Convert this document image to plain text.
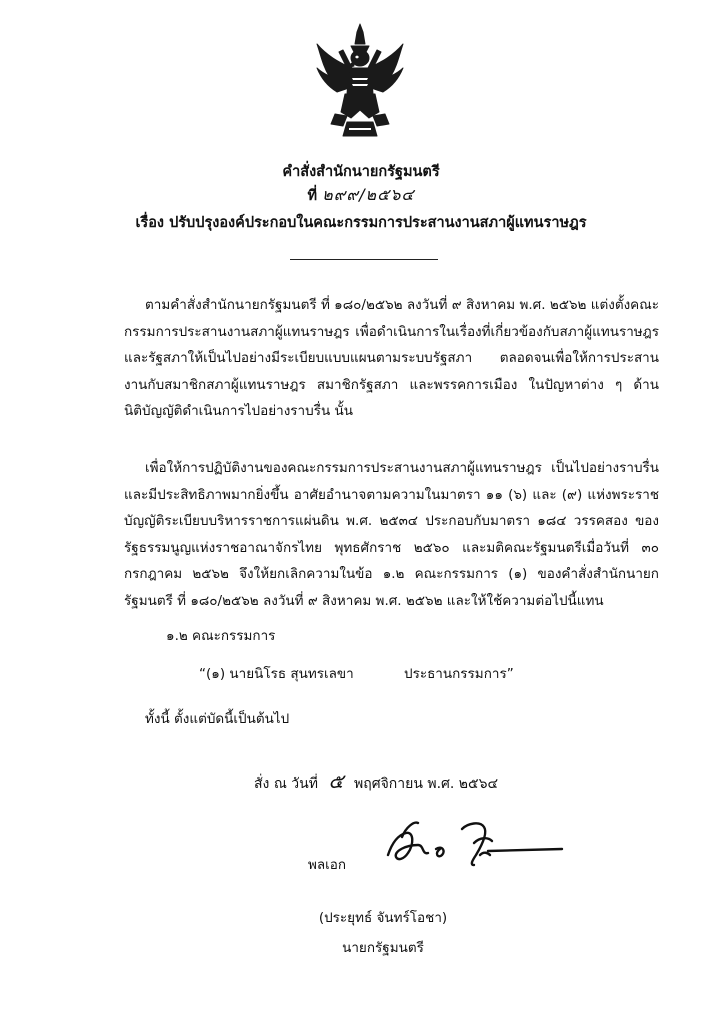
คำสั่งสำนักนายกรัฐมนตรี
ที่ ๒๙๙/๒๕๖๔
เรื่อง ปรับปรุงองค์ประกอบในคณะกรรมการประสานงานสภาผู้แทนราษฎร

ตามคำสั่งสำนักนายกรัฐมนตรี ที่ ๑๘๐/๒๕๖๒ ลงวันที่ ๙ สิงหาคม พ.ศ. ๒๕๖๒ แต่งตั้งคณะกรรมการประสานงานสภาผู้แทนราษฎร เพื่อดำเนินการในเรื่องที่เกี่ยวข้องกับสภาผู้แทนราษฎรและรัฐสภาให้เป็นไปอย่างมีระเบียบแบบแผนตามระบบรัฐสภา ตลอดจนเพื่อให้การประสานงานกับสมาชิกสภาผู้แทนราษฎร สมาชิกรัฐสภา และพรรคการเมือง ในปัญหาต่าง ๆ ด้านนิติบัญญัติดำเนินการไปอย่างราบรื่น นั้น

เพื่อให้การปฏิบัติงานของคณะกรรมการประสานงานสภาผู้แทนราษฎร เป็นไปอย่างราบรื่นและมีประสิทธิภาพมากยิ่งขึ้น อาศัยอำนาจตามความในมาตรา ๑๑ (๖) และ (๙) แห่งพระราชบัญญัติระเบียบบริหารราชการแผ่นดิน พ.ศ. ๒๕๓๔ ประกอบกับมาตรา ๑๘๔ วรรคสอง ของรัฐธรรมนูญแห่งราชอาณาจักรไทย พุทธศักราช ๒๕๖๐ และมติคณะรัฐมนตรีเมื่อวันที่ ๓๐ กรกฎาคม ๒๕๖๒ จึงให้ยกเลิกความในข้อ ๑.๒ คณะกรรมการ (๑) ของคำสั่งสำนักนายกรัฐมนตรี ที่ ๑๘๐/๒๕๖๒ ลงวันที่ ๙ สิงหาคม พ.ศ. ๒๕๖๒ และให้ใช้ความต่อไปนี้แทน

๑.๒ คณะกรรมการ
“(๑) นายนิโรธ สุนทรเลขา	ประธานกรรมการ”
ทั้งนี้ ตั้งแต่บัดนี้เป็นต้นไป
สั่ง ณ วันที่ ๕ พฤศจิกายน พ.ศ. ๒๕๖๔
พลเอก
(ประยุทธ์ จันทร์โอชา)
นายกรัฐมนตรี
